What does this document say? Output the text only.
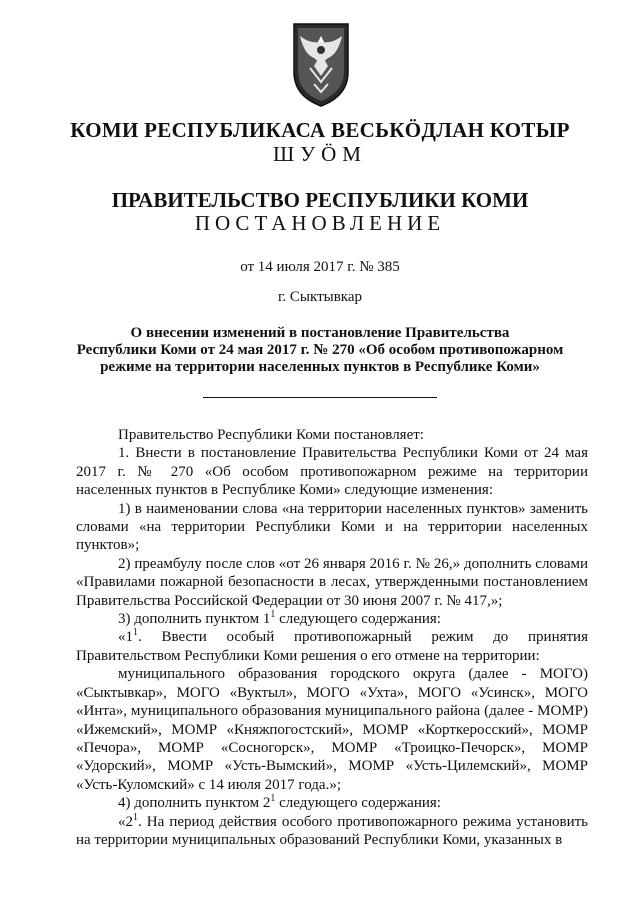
КОМИ РЕСПУБЛИКАСА ВЕСЬКӦДЛАН КОТЫР
ШУӦМ
ПРАВИТЕЛЬСТВО РЕСПУБЛИКИ КОМИ
ПОСТАНОВЛЕНИЕ
от 14 июля 2017 г. № 385
г. Сыктывкар
О внесении изменений в постановление Правительства
Республики Коми от 24 мая 2017 г. № 270 «Об особом противопожарном
режиме на территории населенных пунктов в Республике Коми»

Правительство Республики Коми постановляет:

1. Внести в постановление Правительства Республики Коми от 24 мая 2017 г. № 270 «Об особом противопожарном режиме на территории населенных пунктов в Республике Коми» следующие изменения:

1) в наименовании слова «на территории населенных пунктов» заменить словами «на территории Республики Коми и на территории населенных пунктов»;

2) преамбулу после слов «от 26 января 2016 г. № 26,» дополнить словами «Правилами пожарной безопасности в лесах, утвержденными постановлением Правительства Российской Федерации от 30 июня 2007 г. № 417,»;

3) дополнить пунктом $1^1$ следующего содержания:

«$1^1$. Ввести особый противопожарный режим до принятия Правительством Республики Коми решения о его отмене на территории:

муниципального образования городского округа (далее - МОГО) «Сыктывкар», МОГО «Вуктыл», МОГО «Ухта», МОГО «Усинск», МОГО «Инта», муниципального образования муниципального района (далее - МОМР) «Ижемский», МОМР «Княжпогостский», МОМР «Корткеросский», МОМР «Печора», МОМР «Сосногорск», МОМР «Троицко-Печорск», МОМР «Удорский», МОМР «Усть-Вымский», МОМР «Усть-Цилемский», МОМР «Усть-Куломский» с 14 июля 2017 года.»;

4) дополнить пунктом $2^1$ следующего содержания:

«$2^1$. На период действия особого противопожарного режима установить на территории муниципальных образований Республики Коми, указанных в
